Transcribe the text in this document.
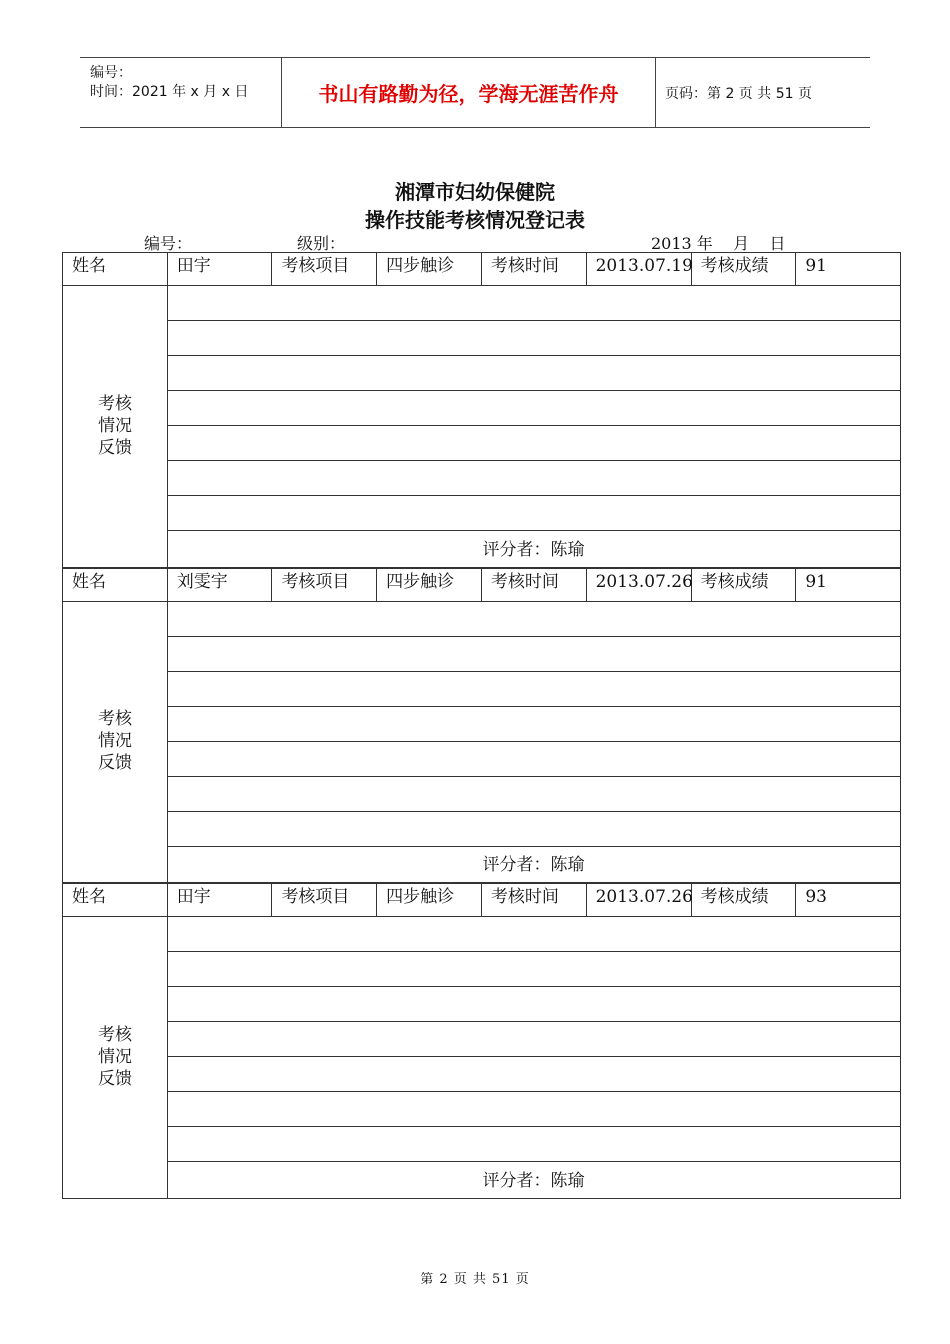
编号：
时间：2021 年 x 月 x 日	书山有路勤为径，学海无涯苦作舟	页码：第 2 页 共 51 页
湘潭市妇幼保健院
操作技能考核情况登记表
编号：	级别：	2013 年    月    日
姓名	田宇	考核项目	四步触诊	考核时间	2013.07.19 考核成绩	91
考核
情况
反馈
评分者：陈瑜
姓名	刘雯宇	考核项目	四步触诊	考核时间	2013.07.26 考核成绩	91
考核
情况
反馈
评分者：陈瑜
姓名	田宇	考核项目	四步触诊	考核时间	2013.07.26 考核成绩	93
考核
情况
反馈
评分者：陈瑜
第 2 页 共 51 页
